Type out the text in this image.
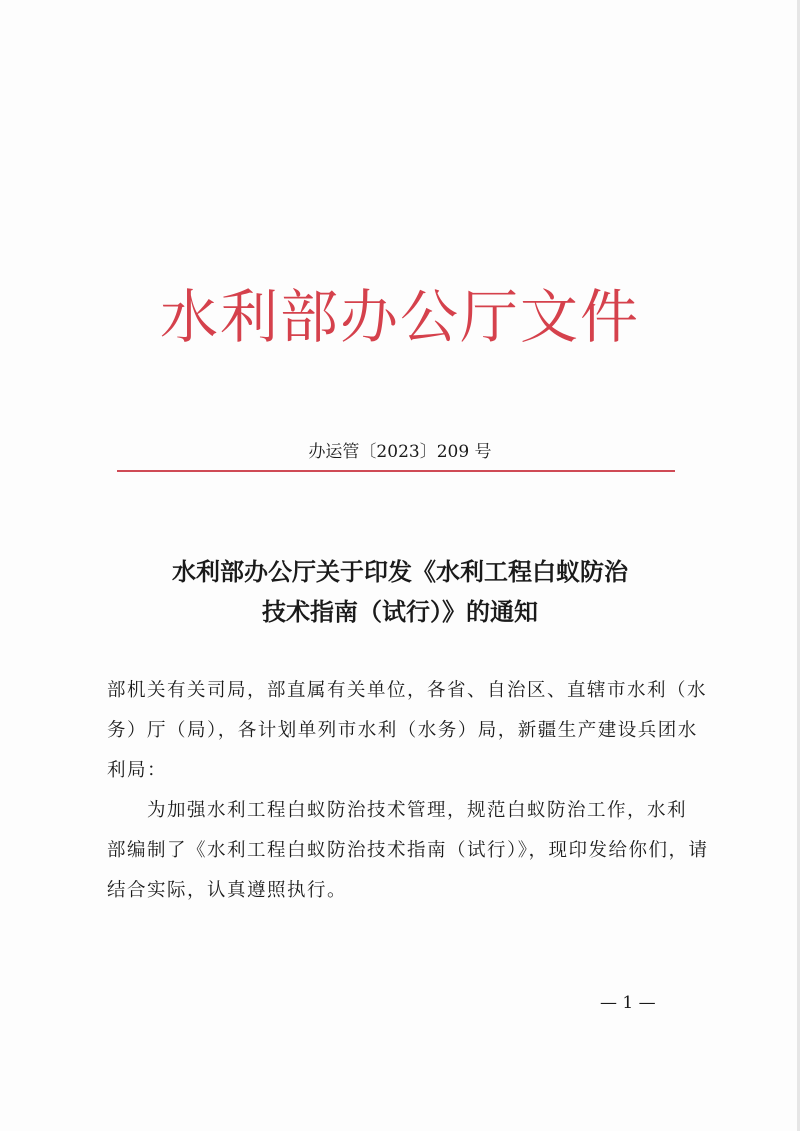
水利部办公厅文件
办运管〔2023〕209 号
水利部办公厅关于印发《水利工程白蚁防治
技术指南（试行）》的通知
部机关有关司局，部直属有关单位，各省、自治区、直辖市水利（水
务）厅（局），各计划单列市水利（水务）局，新疆生产建设兵团水
利局：
　　为加强水利工程白蚁防治技术管理，规范白蚁防治工作，水利
部编制了《水利工程白蚁防治技术指南（试行）》，现印发给你们，请
结合实际，认真遵照执行。
— 1 —
